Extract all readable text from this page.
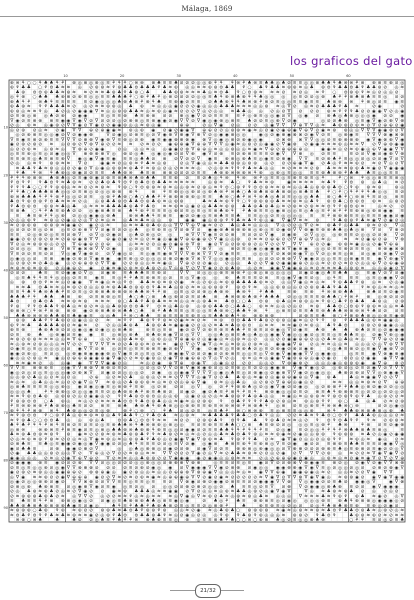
Málaga, 1869
10	20	30	40	50	60
10
20
30
40
50
60
70
80
90
⊛ ⊜ ⚘ ○ ○ ⚘ ♣ ♣ ⚘ ⚘ ⊛ ◎ ⊛ ◎ ⊛ ◎ ≋ ⚘ ⚘ ⚘ ○ ⊜ ⊜ ⊛ ♣ ≋ ≋ ♣ ⊘ ⊘ ⊘ ◎ ◎ ⊛ ⚘ ⚘ ⚘ ⊜ ⚘ ♣ ⊜ ≋ ♣ ♣ ◎ ♣ ⊘ ≋ ≋ ◎ ◎ ⊛ ♣ ♣ ⚘ ♣ ⊜ ⊜ ⚘ ⊛ ⊛ ⊛ ≋ ⊛ ⊘ ◎
⊛ ⚘ ♣ ♣ ○ ⚘ ⊜ ♣ ≋ ≋ ◎ ⊘ ⊛ ⊛ ≋ ⚘ ⊛ ♣ ♣ ⊜ ♣ ♣ ♣ ⚘ ♣ ≋ ⊛ ◎ ◎ ≋ ≋ ⊛ ⊛ ⊜ ♣ ♣ ⚘ ○ ♣ ⚘ ♣ ♣ ≋ ⊛ ⊛ ≋ ◎ ♣ ⊛ ⊜ ⚘ ♣ ♣ ⊜ ♣ ⚘ ♣ ♣ ⊛ ⊘ ◎ ≋
♣ ⊛ ⊜ ⊜ ⊛ ♣ ♣ ≋ ⊛ ≋ ≋ ⊘ ≋ ≋ ♣ ⊛ ♣ ⚘ ♣ ⊛ ○ ♣	♣ ♣ ⊛ ⊛ ≋ ≋ ≋ ♣ ◎ ≋ ⊜ ♣ ⚘ ○ ⊜ ⊛ ≋ ≋ ≋ ⊘ ≋ ⊘ ◎ ≋ ⚘ ○ ⊜ ⊛ ⊛ ⚘ ≋ ◎ ⊘ ◎ ◎ ⊘
◎ ⚘ ⊛ ○ ♣ ♣ ♣ ⊛ ⊛ ⊘ ⊛ ≋ ◎ ◎ ≋ ≋ ♣ ♣ ♣ ⚘ ○ ⊛ ⚘ ♣ ⚘ ◎ ⊛ ⊘ ⊘ ⊘ ⊘ ◎ ◎ ≋ ♣ ⚘ ⊛ ⊛ ♣ ⊛ ⚘ ⚘ ♣ ◎ ◎ ◎ ◎ ≋ ⊘ ⊘ ◎ ⊛ ♣ ⚘ ⚘ ⊛ ♣ ⊛ ♣ ≋ ≋ ◎ ⊘ ⊘
⊛ ♣ ⚘ ⚘ ⊜ ♣ ⚘ ≋ ≋ ≋ ≋ ≋ ⊘ ◉ ◎ ◎ ◎ ♣ ⊛ ♣ ⊛ ⚘ ⊛ ⚘ ♣ ≋ ⊛ ◉ ⊘ ≋ ≋ ⊘ ♣ ♣ ⊛ ⚘ ⚘ ♣ ⊜ ⊛ ⚘ ⊛ ⊘ ≋ ◎ ◎ ≋ ≋ ◉ ≋ ≋ ♣ ⊛ ⊜ ⊜ ⚘ ⊛ ◎ ⊘ ≋ ◉ ≋
⊛ ♣ ⊛ ≋ ⚘ ⚘ ♣ ♣ ♣ ≋ ⊘ ◎ ⊘ ≋ ≋ ⊛ ⊛ ◎ ♣ ⊛ ≋ ◎ ◎ ◎ ◉ ⊘ ⊘ ⊘ ◉ ◎ ◎ ◎ ♣ ♣ ♣ ≋ ≋ ≋ ◎ ◎ ⊛ ≋ ◎ ∇ ⊘ ◎ ≋ ⊘ ♣ ♣ ♣ ⚘ ♣ ≋	⊘ ◉	⊘
⊛ ⊛ ◎ ≋ ≋ ⚘ ◎ ♣ ⊘ ◎ ⊘ ◉ ◉ ◉ ∇ ≋ ◎ ◎ ⊛ ⊛ ♣ ♣ ≋ ◎ ≋ ⊛ ◎ ◉ ≋ ⊘ ⊘ ⊘ ∇ ◎ ⊘ ◎ ◎ ≋ ♣ ♣ ◎ ◎ ⊘ ◎ ⊘ ∇ ⊘ ⊘ ⊘ ⊛ ≋ ⚘ ⚘ ⚘ ♣ ⊘ ⊘ ◉ ◉ ∇ ⊘ ◎ ◉
⊘ ≋ ⊛ ◎ ⊛ ◎ ♣ ⊘ ⊛ ⊘ ◉ ◉	≋ ◎ ≋ ≋ ⊛ ♣ ≋ ⊛ ⊛ ⊘ ⊘ ⊕ ◎ ◉ ∇ ⊘ ⊘ ≋ ≋ ≋ ≋ ⚘ ◎ ⊛ ≋ ◎ ◎ ◉ ⊘ ∇ ◎ ◉ ⊘ ⊛ ♣ ◎ ♣ ⊛ ◎ ◎ ◎ ◉ ⊘ ⊘ ◉
∇ ◉ ⊘ ≋ ⊛ ⊛ ⊛ ≋ ◉ ◉ ∇ ◉ ∇ ⊘ ∇ ⊘ ⊘ ⊘ ◎ ⊘ ⊛ ⊛ ◎ ≋ ⊛ ◉ ◉ ⊘ ◉ ∇ ∇ ⊘ ∇ ◉ ◎ ◉ ⊛ ◎ ⊛ ≋ ♣ ⊘ ⊘ ≋ ◎ ⊕ ∇ ⊘ ◉	◎ ⊘ ⊘ ♣ ⊛ ◎ ≋ ◉ ∇ ◉ ⊘ ⊕ ∇ ⊕
⊘ ◎ ⊛ ≋ ◎ ◉ ⊛ ⊘ ∇ ∇ ◉ ⊘ ∇ ◉ ⊘ ⊘ ◉ ◉ ⊛ ◎ ◎ ≋ ⊛ ◎ ◉	⊕ ⊕	⊘ ◎ ∇ ◉ ⊘ ◎ ⊘ ⊘ ◎ ◉ ∇ ∇ ∇ ⊕ ∇ ∇ ◎ ≋ ♣ ⊛ ⊛ ⊘ ⊛ ≋ ⊘ ∇ ⊘ ⊕ ⊕ ⊘ ◉
◎ ⊘ ⊛ ⊘ ◎ ≋ ⊘ ◉ ∇ ∇ ⊕ ⊘ ⊕ ◉ ◉ ≋ ⊛ ◎ ⊛ ◉ ⊘ ◉ ⊘ ◉ ◉ ∇ ⊕ ⊕ ⊘ ⊘ ◎ ⊛ ⊛ ≋ ◉ ≋ ◎ ⊘ ◉ ⊘ ◉ ⊕ ◉ ∇ ⊕ ∇ ⊘ ◉ ≋ ⊛ ⊛ ◎ ◎ ∇ ∇ ∇ ◉ ◉ ⊗ ⊘ ∇
◎ ⊘ ⊛ ⊛ ≋ ◎ ◎ ◉ ⊘ ∇ ⊘ ◉ ◉ ⊕	∇ ⊘ ◉ ◎ ⊘ ⊛ ≋ ◎ ⊘ ∇ ◉ ⊕ ∇ ⊕ ◉ ∇ ⊕ ∇ ⊘ ◎ ◉ ◉ ⊛ ◎ ◎	◉ ◎ ⊘ ◉ ⊕ ◉ ⊗ ⊗ ⊘ ◉ ∇ ⊘ ≋ ◎ ⊛ ◉ ≋ ∇ ∇ ∇ ⊗ ◉ ⊗ ⊗
∇ ≋ ◉ ≋ ⊛ ⊘ ⊛ ≋ ≋ ∇ ∇ ∇ ⊘ ⊕ ⊕ ∇ ◉ ⊕ ∇ ≋ ⊛ ◎ ⊘ ⊛ ◉ ≋ ◉ ◉ ⊗ ⊕ ⊗ ◉ ⊗ ∇ ◎ ◉ ◎ ⊛ ⊘ ⊛ ◉ ◎ ◉	⊘ ⊗ ⊕ ⊗ ∇ ∇ ◎ ◎ ⊘ ≋ ⊛ ⊛ ⊛ ⊛ ◉ ∇ ◉ ⊗ ⊕ ∇ ◉
◉ ⊘ ⊛ ⊘ ⊛ ⊘ ≋ ◎ ⊘ ⊗ ⊘ ∇ ⊗ ∇ ⊕ ⊘ ⊘ ≋ ≋ ⊘ ≋ ⊘ ⊘ ◉ ⊕ ⊕ ◉ ∇ ⊕ ⊕ ∇ ∇ ∇ ◎ ◉ ≋ ◎ ⊛ ⊘ ◎ ◉ ◉ ⊘ ∇ ◉ ⊗ ⊘ ◉ ◉ ≋ ≋ ≋ ⊛ ◎ ≋ ≋ ∇ ⊘ ∇ ⊕ ⊗ ◉ ◉
◎ ⊘ ⊘ ⊛ ≋ ◎ ⊛ ≋ ◎ ∇ ⊗ ⊕ ⊘ ◉ ◉	⊘ ◎ ◎ ◎ ≋ ◎ ◎ ◉ ◉ ⊘ ⊗ ∇ ⊕ ⊕ ◎ ≋ ◎ ◎ ⊛ ◎ ◎ ≋ ◉ ≋ ∇ ⊕ ⊘ ⊕ ⊕ ⊕ ⊕ ◎	◉ ◉ ≋ ◎ ⊘ ≋ ⊛ ◉ ◎ ⊕ ∇ ◉ ◉ ∇ ∇
◎ ≋ ≋ ⊛ ◎ ≋ ◎ ⊘ ◉ ◎ ◎ ∇ ⊕ ⊕ ⊕ ⊕ ∇ ◎ ⊛ ⊘ ◎ ♣ ◎ ◉ ◎ ◉ ⊘ ⊘ ∇ ⊕ ◉ ∇ ⊘ ⊛ ≋ ⊘ ⊛ ⊛ ≋ ≋ ≋ ⊘ ◉ ∇ ∇ ⊕ ◎ ⊘ ≋ ≋	≋ ⊘ ⊘ ∇ ◉ ⊘ ◉ ⊕ ∇ ⊕
≋ ≋ ⊛ ≋ ◎ ♣ ≋ ⊛ ≋ ⊛ ∇ ◉ ◎ ◉ ∇ ◉ ≋ ◉ ≋ ≋ ◎ ♣ ♣ ⊘ ⊛ ⊘ ∇ ⊘ ⊘ ∇ ◉ ≋ ⊛ ⊛ ◎ ⊛ ♣ ≋ ◎ ◉ ≋ ⊘ ⊕ ◉ ∇ ∇ ≋ ⊘ ⊛ ♣ ⚘ ≋ ◎ ◎ ⊘ ◎ ⊘ ⊘ ◉ ∇ ⊘ ∇
⊘ ◎ ◎ ≋ ⚘ ⊛ ⊛ ≋ ≋ ∇ ⊘	◉ ◉ ≋ ⊘ ◎ ⊛ ≋ ⚘ ♣ ≋ ◎ ⊛	⊘ ◎ ∇ ◉ ◎ ◎ ≋ ♣ ♣ ⊛ ⊛ ◎ ⊛ ⊛ ◎ ⊘ ⊘ ⊘ ⊕ ◉ ∇ ◉ ⊘ ♣ ◎ ⚘ ≋ ≋ ⊛ ⊘ ≋ ⊘ ∇ ◎ ⊘ ∇
≋ ♣ ♣ ⚘ ♣ ≋ ⊛ ◎ ◎ ⊘ ⊘ ◉ ⊘ ∇ ◎ ◉ ◎ ⊛ ⊛ ≋ ⊛ ♣ ⚘ ≋ ⊛ ◎ ⊘ ◎ ⊘ ≋ ≋ ≋ ◎ ⊘ ◎ ⊛ ≋ ⚘ ⚘ ⚘ ♣ ≋ ♣ ◎ ◎ ≋ ⊘ ≋ ≋ ≋ ⊘ ⊛ ♣ ≋ ≋ ≋ ⊛ ⊛ ♣ ≋ ◉ ⊘ ∇ ◉ ◉ ◉
⚘ ♣ ⚘ ⊜ ⚘ ♣ ⊛ ◎ ⊛ ◉ ⊘ ⊘ ≋ ≋ ♣ ♣ ⊛ ⊜ ♣ ≋ ⊛ ⊛ ⊛ ⊘ ⊘ ⊘ ⊘ ≋ ≋ ♣ ⊛ ⊛ ⊜ ⊜ ⊛ ⊜ ⚘ ⊛ ◎ ⊛ ◎ ≋ ◎ ◎ ≋ ≋ ⊛ ♣ ⊛ ⊜ ⚘ ♣ ♣ ♣ ≋ ◎ ◎ ≋ ≋
⚘ ⚘ ⚘ ⊜ ⊛ ⊜ ♣ ⊛ ♣ ◎ ⊘ ≋ ◉ ⊛ ◉ ⊘ ⊛ ≋ ⊛ ♣ ⊜ ♣ ⊜ ♣ ♣ ≋ ≋ ⊛ ⊘ ≋ ⊘ ♣ ◎ ⚘ ⊜ ⚘ ⊜ ⊜ ⚘ ◎ ≋ ≋ ◎ ≋ ⊛ ≋ ⊛ ≋ ◎ ⚘	⚘ ○ ⊜ ⚘ ◎ ◎ ⊛ ≋ ≋ ⊛ ◎
⚘ ⊜ ⚘ ⚘ ⚘ ♣ ⊜ ⚘ ≋ ♣ ⊛ ≋ ⊘ ⊘ ♣ ⊛ ♣ ⚘ ⊜ ⚘ ⊜ ♣ ⊜ ⊜ ♣ ♣ ≋ ≋ ≋ ≋ ≋	◎ ⊛ ≋ ♣ ○ ⚘ ♣ ≋ ≋ ⊛	◉ ≋ ≋ ≋ ≋ ≋ ♣ ⚘ ⚘ ⊜ ⊛ ◎ ♣ ◎ ≋ ⊘
⚘ ⚘ ⚘ ♣ ○ ○ ⚘ ⚘ ⊛ ⊛ ◎ ≋ ≋ ⊘ ⊘ ≋ ⊛ ≋ ⚘ ⊛ ○ ⚘ ⊜ ⊛ ⊛ ≋ ⊛ ≋ ◎ ◎ ⊛ ≋ ⊘ ⊛ ◎ ≋ ⚘ ⊜ ○ ⊛ ⚘ ⚘ ⊜ ⊜ ⊛ ≋ ≋ ⊛ ≋ ◎ ◎ ♣ ◎ ⊛ ⊛ ⊛ ♣ ⊜ ○ ⚘ ⊛ ⊛ ≋ ⊛	⊛ ◎
⚘ ⚘ ♣ ○ ♣ ♣ ♣ ⊛ ♣ ◎ ◎ ⊘ ≋ ⊛ ◎ ⊘ ◎ ◎ ⊛ ⊛ ⊛ ⚘	⊛ ⚘ ≋ ⊛ ◎ ◎ ⊛ ⊘ ◎ ⊛ ♣ ⊜ ⚘ ⊜ ♣ ○ ♣ ⊛ ♣ ⊛ ⊛ ♣ ⊛ ⊛ ◎ ⊛ ♣ ≋ ♣ ⚘ ○ ⚘ ○ ⚘ ⚘ ⚘ ⚘ ♣ ◎ ◎ ≋ ⊘
⊛ ⊜ ♣ ♣ ♣ ⚘ ⚘ ⚘ ⊛ ⚘ ◎ ◎ ⊘ ⊘ ≋ ◎ ⊛ ⚘ ♣ ⊛ ○ ♣ ○ ♣ ♣ ⚘ ⚘ ⊛ ⊛ ⊛ ⊛ ⊛ ◎ ≋ ≋ ♣ ⊜ ○ ♣ ⚘ ⊜ ⚘ ⊜ ♣ ◎ ♣ ⊘ ≋ ◎ ◎ ◎ ♣ ♣ ⊛ ○ ♣ ⚘ ○ ⊜ ⊛ ⚘ ≋ ⊘ ◎ ⊛ ≋
♣ ⊜ ⚘ ⊛ ⊜ ⊛ ⚘ ⊜ ♣ ≋ ≋ ≋ ⊘ ◎ ◎ ⊛ ♣ ♣ ⊛ ⊜ ♣ ♣ ⊜ ⊛ ♣ ⊛ ≋ ◎ ⊛ ⊛	♣ ≋ ♣ ≋ ⊛ ⚘ ⚘ ○ ⚘ ⊛ ⊛ ⊛ ⊛ ♣ ≋ ≋ ⊛ ≋ ◎ ♣ ⚘ ⊛ ⊜ ♣ ○ ⊜ ⊛ ⊜ ⊛ ≋ ◎ ⊛ ⊘
⚘ ♣ ⊜ ⊛ ⊜ ⊛ ⊛ ≋ ♣ ◎ ♣ ◎ ≋ ≋ ≋ ♣ ♣ ♣ ♣ ⊛ ♣ ⚘ ♣ ⊜ ≋ ≋ ⊛ ≋ ◎ ◉ ⊘ ◎ ♣ ♣ ≋ ⊛ ⊛ ♣ ♣ ⊛ ♣ ⊛ ♣ ◎ ≋ ⊘ ⊛ ≋ ⊘ ⊛ ≋ ≋ ⊜ ⚘ ⚘ ⊛ ⊜ ⊛ ≋	◎ ≋ ⊘ ⊘
≋ ⊛ ♣ ○ ⚘ ⚘ ♣ ≋ ⊛ ♣ ⊘ ⊘ ◎ ◉ ⊛ ♣ ≋ ⊛ ♣ ⚘ ⊛ ⚘ ≋ ≋ ≋ ◎ ⊛ ⊘ ≋ ◎ ≋ ◎ ≋ ⊛ ♣ ⊛ ⚘ ⚘ ♣ ⊛ ≋ ≋ ◎ ◉ ⊛ ◎ ◎ ≋ ◎ ♣ ◎ ≋ ⚘ ⊜ ⚘ ⚘ ≋ ⊛ ⊛ ◎ ⊛ ⊛ ◉ ◉ ≋
≋ ♣ ≋ ⊛ ⚘ ⚘ ◎ ⊛ ⊘ ◎ ◎ ◉ ◉ ◎ ⊛ ♣	⊛ ⊜ ♣ ♣ ⚘ ≋ ⊛ ≋ ◉ ⊘ ⊘ ◉ ◎ ≋ ⊛ ♣ ≋ ≋ ♣ ≋ ≋ ◎ ◎ ⊘ ≋ ◎ ◎ ◎ ◎ ≋ ≋ ⚘ ⊛ ⊛ ⊛ ≋ ≋ ◎ ≋ ≋ ≋ ◉ ◉ ⊘ ◉
⊘ ◎ ◎ ⊛ ⚘ ≋ ⊛ ◎ ⊘ ◉ ◎ ⊘ ◎ ∇ ⊘ ≋ ◎ ≋ ◎ ♣ ≋ ♣ ≋ ◎ ◎ ⊛	◉ ◉ ◉ ◎ ⊛ ⊛ ⚘ ⚘ ♣ ≋ ♣ ⚘ ⊛ ◎ ◉ ∇ ◉ ∇ ≋ ≋ ⊛	⚘ ♣ ⊛ ⊛ ⚘ ♣ ≋ ◉ ∇ ⊘ ◉ ⊘ ◎
≋ ⊘ ⊛ ⊛ ⊛ ⊛ ⊛ ⊛ ≋ ◉ ◉ ⊘ ◉ ⊘ ◎ ≋	◎ ≋ ≋ ♣ ⊛ ♣ ⊛ ◎ ◎ ∇ ∇ ∇ ⊕ ∇ ◉ ≋ ⊘ ⊘ ♣ ◎ ♣ ≋ ◎ ◎ ◎ ∇ ◎ ⊘ ⊘ ◎ ∇ ⊘ ≋ ⊛ ♣ ⚘ ◎ ♣ ♣ ⊛ ≋ ⊘ ⊘ ∇ ◎
◎ ⊘ ⊘ ⊘ ≋ ◎ ⊘ ⊛ ◎ ≋ ⊘ ⊕ ⊕ ∇ ∇ ⊘ ◉ ≋ ⊘ ⊘ ◎ ♣ ◎ ≋ ⊛ ≋ ◎ ∇ ⊘ ⊕ ∇ ⊘ ◉ ◉ ⊛ ♣ ⊛ ⊛ ⊛ ⊛ ◎ ⊛ ◎ ≋ ⊘ ◉ ⊕ ∇ ∇ ⊕ ◉ ≋ ⊛ ⊛ ♣ ♣ ◎ ♣ ◎ ⊛ ∇ ⊘ ∇ ⊕ ⊘
≋ ≋ ⊘ ◎ ⊛ ⊘ ◎ ≋ ≋ ⊘ ⊕ ∇ ⊘ ∇ ◎ ⊘ ◉ ⊘ ◎ ♣ ⊘ ⊛ ◎ ⊘ ◎	⊕ ∇ ∇ ∇ ◉ ≋ ⊘ ⊘ ⊛ ≋ ⊘ ⊘ ⊘ ∇ ◉ ⊘ ◉ ⊕ ⊘ ∇ ◎ ◎ ◎ ⊛ ≋ ≋ ⊘ ◎ ◎ ⊘ ⊘ ⊗ ∇ ⊘
◉ ◉ ⊘ ⊛ ⊘ ⊛ ⊘ ⊛ ≋ ⊘ ⊕ ⊕ ◉ ⊗ ∇ ∇ ⊕ ◉ ⊘ ◉ ⊘ ≋ ◎ ⊘ ≋ ◉ ◎ ◉ ◉ ∇ ⊕ ⊕ ◉ ⊕ ⊘ ∇ ◉ ◎ ◎ ⊛ ⊘ ≋ ≋ ⊘ ⊕ ⊕ ⊘ ⊘ ∇ ⊕ ⊕ ∇ ◎ ≋ ◎	≋ ≋ ⊘ ◉ ⊕ ⊘ ⊕ ∇ ⊗
∇ ⊘ ◎ ≋ ⊛ ⊛ ⊛ ◎ ⊘ ⊘ ∇ ⊕ ◉ ⊕ ⊘ ⊘ ⊕ ◎ ◎ ≋ ≋ ⊘ ⊘ ◎ ◉ ⊘ ◉ ⊕ ⊗ ∇ ⊗ ◉ ⊘ ∇ ◎ ⊘ ⊛ ⊛ ⊛ ⊘ ◎ ∇ ⊘ ⊘ ∇ ∇ ∇ ⊕ ⊘ ⊘ ◉ ⊛ ⊛ ≋ ◉ ◎ ◎ ⊘ ◉ ∇ ⊕ ⊕
⊘ ⊘ ◎ ◎ ≋ ◉ ⊘ ∇ ⊕ ∇ ◉ ⊗ ⊗ ∇ ∇ ⊘ ◉	◎ ⊘ ◎ ≋ ≋ ∇ ∇ ◉ ∇ ∇ ⊕ ∇ ◎ ⊛ ⊘ ≋ ◎ ◉ ◎ ◉ ◉ ◉ ⊗ ∇ ◉ ⊕ ◉ ◎ ◎ ⊘ ≋ ≋ ⊛ ⊘ ≋ ≋ ◎ ⊕ ⊕ ◉ ⊗ ⊗
∇ ≋ ⊘ ⊘ ≋ ≋ ⊘ ⊘ ∇ ◎ ◉ ∇ ◉ ⊕ ⊘ ⊘ ∇ ◉ ◎ ⊘ ≋ ◎ ◉ ≋ ◉ ⊕ ∇ ∇ ∇ ⊕ ⊗ ∇ ∇ ∇ ⊘ ◉ ≋ ≋	◎ ◎ ◎ ∇ ⊘ ⊗ ⊗ ⊗ ◉ ∇ ◎ ∇ ⊘ ◎ ⊛ ≋ ◎ ⊛ ⊘ ◎ ◉ ⊘ ⊗ ◉ ∇ ⊘
◎ ◉ ◎ ◎ ⊘ ≋ ⊛ ◉ ◉ ⊘ ⊗ ⊘ ∇ ◉ ⊕ ◉ ◉ ≋ ⊛ ◎ ⊘ ◎ ◎ ◎ ⊘ ⊕ ⊘ ◉ ⊗ ∇ ⊗ ∇ ∇ ◎ ◎ ◉ ◎ ⊘ ≋ ⊛ ◎ ⊘ ⊘ ⊘ ⊕ ⊗ ∇ ∇ ◉ ◉ ⊘ ◎ ◎ ≋ ≋ ◎ ⊛ ◉ ≋ ≋ ◉ ∇ ⊕ ◉ ∇
◎ ⊘ ⊛ ⊘ ≋ ⊘ ♣ ◎ ◉ ◎ ⊘ ⊕ ⊕ ⊗ ⊘ ∇ ∇ ◉ ⊘ ⊘ ⊛ ◎ ◎ ≋ ≋ ◉ ◎ ∇ ⊕ ⊘ ⊘ ⊘ ◉ ◎ ⊘ ◎ ◎ ♣ ⊘ ⊘ ∇ ◉ ⊘ ◉ ◉ ◉ ⊕ ⊘ ◎ ◎ ≋ ⊘ ⊘ ⊘ ≋ ⊘ ⊘ ◎ ◎ ⊕ ∇ ⊘ ⊕ ◉ ⊕
≋ ⊛ ≋ ⊛ ≋ ⊛ ⊛ ⊘ ◎ ◉ ⊕ ⊘ ◉ ⊘ ◉ ≋ ◉ ⊘ ⊛ ≋ ⊛ ♣ ⊛ ⊘ ◎ ∇ ◎ ⊕ ∇ ⊘ ∇ ∇ ◉ ⊘ ⊘ ⊛ ♣ ⊛ ◎ ⊘ ≋ ◉ ◉ ∇ ◉ ◉ ⊕ ◎ ≋ ⊘ ≋ ≋ ≋ ♣ ◎ ⊛ ⊛ ≋ ◎ ◎ ⊕ ◉ ⊘ ∇
⊘ ⊘ ⊘	♣ ≋ ≋ ⊘ ◉ ◉ ⊘ ∇ ◎ ⊘ ◉ ⊛ ≋ ♣ ♣ ♣ ≋ ≋ ⊛ ⊘	∇ ∇ ⊘ ◎ ◎ ◎ ⊛ ≋ ⊛ ⊛ ⚘ ◎ ⊛ ◎ ⊛ ◎ ◎ ◎ ◎ ⊘ ◉ ⊘ ◉ ◎ ♣ ≋ ♣ ♣ ◎ ≋ ◉ ∇ ⊘ ∇ ⊘ ◉
◎ ≋ ♣ ⚘ ⚘ ≋ ⚘ ◎ ◎ ◎ ⊘ ≋ ≋ ◉ ≋ ≋ ◎ ⚘ ⚘ ♣ ≋ ⊛ ⊛ ≋ ◎ ⊘ ≋ ◎ ∇ ◉ ◎ ◎ ⊛ ♣ ≋ ≋ ≋ ⊘ ⊛ ≋ ◎ ◉ ∇ ◉ ≋ ⊘ ◎ ◎ ⚘ ≋ ≋ ≋ ◎ ≋ ◎ ◉ ◉ ∇ ⊘
◎ ⊛ ⊜ ⊜ ⚘ ≋ ≋ ◎ ⊘ ◉ ◉ ∇ ≋ ◉ ◎ ≋ ◎ ⚘ ⊜ ♣ ♣ ≋ ⊛ ≋ ⊛ ⊘ ◉ ≋ ◎ ⊘ ⊛ ◎ ≋ ⊛ ⊛ ♣ ♣ ♣ ♣ ⊛ ≋ ⊘ ◎ ◎ ∇ ◉ ◎ ≋ ◎ ≋ ⚘ ⊛ ♣ ♣ ⚘ ⊛ ◎ ≋ ⊘ ◎ ◉
≋ ≋ ♣ ⊜ ♣ ≋ ≋ ◎ ≋ ⊛ ⊘ ⊘ ◎ ◎ ⊛ ≋ ⊛ ♣ ♣ ⊜ ⊛ ⊛ ⊜ ⚘ ♣ ≋ ♣ ◎ ⊛ ⊘ ≋ ≋ ◎ ⊛ ⊛ ⊛ ⚘ ⊛ ⊜ ⚘ ≋ ◎ ◎ ⊛ ⊛ ◎ ◎ ⊘ ⊘ ⊛ ⊛ ♣ ♣ ⚘ ♣ ♣	⚘ ≋ ⊛ ◎ ≋ ≋ ◎ ≋
≋ ≋ ⚘ ♣ ⚘ ♣ ⊜ ♣ ♣ ⚘ ≋ ⊘ ≋ ◎ ⊘ ⊛ ⊛ ♣ ⊛ ⊛ ⊛ ⊜ ♣ ♣ ⊜ ⚘ ⚘ ⊛ ◎ ≋ ◎ ⊘ ⊘ ⊛ ◎ ♣ ⊛ ⊜ ♣ ⊜ ⚘ ⚘ ♣ ♣	≋ ⊛ ≋ ⊛ ⚘ ⊜ ⊛ ⊛ ♣ ♣	⊛ ♣ ⊘ ≋ ⊘ ◉ ≋
♣ ♣ ♣ ⚘ ⚘ ♣ ♣ ♣ ⊛ ⊛ ⊘ ≋ ⊛ ⊛ ◎ ≋ ♣ ○ ♣ ○ ⊛ ♣ ◎ ⊛ ⊘ ⊘ ≋ ⊘ ♣ ⊛ ♣ ⊜ ⊛ ⊛ ♣ ⊛ ⚘ ♣ ♣ ♣ ⊘ ◎ ◎ ≋ ≋ ≋ ⊛ ♣ ♣ ○ ⚘ ⊜ ⚘ ⊛ ◎ ⊛ ⊘ ⊘ ⊘
♣ ⊜	⊜ ♣ ⊜ ♣ ≋ ≋ ⊛ ≋ ⊛ ≋ ≋ ≋ ⊛ ○ ♣ ♣ ⚘ ♣ ⊛ ♣ ≋ ≋ ≋ ◎ ◎ ≋ ◎ ⊛ ♣ ≋ ♣ ⊜ ○ ○ ♣ ⊜ ⊛ ⊛ ♣ ◎ ≋ ⊛ ⊛ ◎ ≋ ⚘ ⊛ ○ ♣ ⚘ ⊜ ♣ ♣ ♣ ⊛ ◎ ⊘ ⊛
⚘ ⊛ ⚘ ⚘ ⊜ ♣ ♣ ⚘ ⊛ ♣ ◎ ≋ ⊛ ⊘ ≋ ◎ ◎ ♣ ⊛ ⊛ ⊜ ⊜ ♣ ⚘ ⊜ ≋ ◎ ♣ ◎ ⊛ ◎ ⊛ ⊛ ♣ ♣ ⊜ ○ ♣ ♣ ○ ⊛ ≋ ≋ ◎ ◎ ⊘ ◎ ⊘ ≋ ⊛ ♣ ♣ ⊜ ○ ⊜ ⊛ ⚘ ⊛ ⊛ ≋ ◎ ◎ ≋ ♣
⊛ ⊛ ⊜ ○ ⚘ ⊜ ⚘ ⊛ ⊛ ⊛ ⊛ ◉ ⊘ ⊛ ⊛ ♣ ⊛ ⊜ ♣ ♣ ○ ♣ ⊛ ⚘ ♣ ♣ ≋ ≋ ◎ ≋ ◎ ◎ ≋ ♣ ⊛ ⊜ ○ ♣ ♣ ⚘ ⊜ ⚘ ◎ ⊛ ≋ ⊘ ≋ ≋ ♣ ≋ ⊜ ♣ ♣ ♣ ⊜ ⊛ ⊜ ⊜ ⚘ ♣ ⊘ ⊘ ⊘ ≋
♣ ♣ ⊜ ⊜ ⊜ ⊜ ♣ ♣ ⊛ ≋ ♣ ◉ ◉ ≋ ◎ ◎ ♣ ⚘ ⊜ ○ ♣ ♣ ≋ ⊛ ≋ ≋ ⊛ ≋ ⊛ ≋ ◎ ≋ ♣ ♣ ⊛ ♣ ⚘ ⊜ ⊛ ⊛ ⊛ ⊛	⊘ ⊛ ≋ ≋ ♣ ⊛ ○ ⚘ ⊛ ⊛ ♣ ⊛ ◎ ◎ ⊛ ≋ ◉ ⊛
⊛ ⊛ ♣ ♣ ⚘ ⚘ ♣ ⊛ ⊘ ◎ ◉ ◎ ◎ ⊘ ≋ ≋ ⚘ ⚘ ♣ ⊛ ⚘ ⚘ ⊛ ≋ ⊘ ◉ ≋ ≋ ⊘ ≋ ≋ ⊛ ⊜ ⊜ ♣ ♣ ⚘ ♣ ⊛ ⊘ ⊛ ⊛ ◎ ◉ ≋ ◎ ⊘ ⚘ ⚘ ⊛ ⚘ ♣ ♣ ♣ ◎ ⊛ ≋ ◉ ◉ ◎
⊛ ⚘ ≋ ♣ ♣ ♣ ♣ ♣ ⊛ ⊘ ≋ ◉ ≋ ⊘ ⊘ ◎ ◎ ♣ ⊛ ♣ ♣ ⊛ ⊛ ♣ ≋ ◉ ◉ ◉ ⊘ ⊘ ◎ ⊘ ≋ ♣ ≋ ♣ ⊛ ⊛ ⊜ ◎ ≋ ≋ ≋ ≋ ◉ ⊘ ≋ ⊛ ◎ ♣ ⚘ ♣ ⊜	⊛ ⊛ ⊘ ⊛ ◉ ◉ ◎ ◎
⊛ ≋ ⊛	♣ ⊛ ♣ ⊛ ⊘ ⊘ ◎ ◉ ◎ ◉ ⊘ ◉ ◎ ◎ ⊛ ♣ ⊛	⊛ ≋ ◎ ≋ ⊛ ◉ ⊘ ⊘ ∇ ⊘ ⊛ ≋ ⊛ ≋ ♣ ♣ ⚘ ≋ ⊛ ≋ ⊘ ⊛ ◉ ◎ ∇ ⊘ ◉ ≋ ♣ ⊛ ♣ ♣ ⊛ ♣ ⊘ ≋ ◎ ⊘ ◉ ◉ ◉
⊘ ≋ ⊛ ♣ ◎ ⊛ ◉ ⊘ ≋ ◉ ◉ ≋ ◎ ⊛ ◎ ⊛ ♣ ⊛ ♣ ⊛ ⊛ ◉ ∇ ⊘ ◎ ∇ ∇ ◎ ◎ ♣ ◎ ⊛ ≋ ♣ ◎ ♣ ◎ ◎ ◉ ◉ ∇ ◉ ◎ ◎ ◉ ⊘ ◎ ≋ ≋ ◎ ≋ ♣ ♣ ≋ ◎ ⊘ ◉ ∇ ⊕ ◎ ◉
≋ ⊛ ⊘ ⊛ ⊛ ≋ ≋ ≋ ◎ ◎ ≋ ∇ ⊕ ⊕	◎ ⊘ ≋ ◎ ⊛ ♣ ≋ ⊛ ◎ ⊛ ◎ ◎ ∇ ⊕ ◉ ⊕ ⊘ ◎ ◉ ◉ ◎ ≋ ◎ ⊛ ≋ ◎ ⊘ ◎ ◎ ⊘ ⊘ ◉ ◉ ⊕ ⊕ ⊘ ◎ ⊘ ♣ ≋ ◎ ♣ ◎ ≋ ◎ ∇ ∇ ⊕ ⊘ ⊘ ◉
≋ ◎ ⊛ ≋ ⊘ ⊛ ◎ ◎ ◎ ≋ ∇ ⊘ ⊘ ∇ ∇ ∇ ∇ ≋ ⊘ ⊘ ♣ ⊛ ⊛ ≋ ⊘ ≋ ≋ ◉ ⊘ ∇ ⊘ ∇ ◉ ∇ ◎ ≋ ◎ ≋ ⊛ ◎ ⊘ ⊛ ≋ ◎ ◉ ◉ ◉ ∇ ⊕ ⊘ ◎ ≋ ≋ ◎ ◎ ≋ ◎ ◎ ◎ ⊘ ◎ ∇ ⊗ ∇ ∇
⊘ ◉ ≋ ◎ ≋ ◎ ◎ ◎ ◎ ◎ ⊘ ◉ ∇ ∇ ⊘ ⊕ ◎ ⊘ ≋ ◎ ≋ ≋ ⊛ ⊛ ≋ ◉ ⊘ ⊕ ∇ ∇ ◉ ⊘ ◉ ≋ ◎ ≋ ⊛ ⊛ ♣ ⊘ ◎ ≋ ⊘ ⊕ ◉ ⊘ ⊗ ⊘ ◉ ⊕	⊘ ◎ ♣ ≋ ⊛ ⊘ ◎ ≋ ◉ ∇ ◉ ⊗ ∇ ⊘
◉ ◉ ⊘ ⊛ ◎ ≋ ⊘ ◎ ◎ ⊕ ◉ ⊕ ◉ ◉ ◉ ⊕ ◎ ∇ ◉ ≋ ⊘ ◎ ≋ ◎ ⊘ ⊕ ◉ ◉ ∇ ⊘ ⊘ ⊘ ◉ ⊘ ⊘ ⊛ ⊛ ≋ ◎ ◎ ≋ ◎ ∇ ⊕ ◉ ∇ ◉ ◉ ◉ ∇ ∇ ◎ ◉ ◉ ◎	◎ ≋ ≋ ◉ ∇ ⊗ ◉ ⊕ ◉
◉ ◎ ◎ ⊘ ⊛ ◎ ≋ ◉ ◎ ⊘ ⊕ ⊕ ⊕ ◉ ◉ ⊕ ◉ ∇ ◉ ⊘ ⊘ ≋ ⊛ ◉ ⊛ ◎ ⊘ ◉ ∇ ⊗ ◉ ⊕ ⊕ ⊘ ∇ ◎ ∇ ⊘ ◎ ⊛ ≋ ◎ ≋ ◎ ◉ ◉ ∇ ◉ ⊗ ⊕ ⊕ ◎ ◉ ⊘ ◉ ⊘ ⊛ ⊘ ◎ ⊘ ◉ ◉ ◉ ∇ ∇ ◉
≋ ≋ ◉ ≋ ⊘ ◎ ◎ ◉ ◉ ∇ ∇ ∇ ◉ ◉ ⊘ ◎	≋ ◎ ⊘ ◉ ⊕ ∇ ⊕ ⊗ ◉ ∇ ◎ ◉ ◎ ⊘ ⊘ ⊘ ◎ ◎ ⊘ ∇ ⊗ ◉ ⊗ ⊘ ◎ ◎ ◎ ◉ ◎ ⊛ ⊛ ⊛ ◉ ◉ ∇ ⊕ ⊗ ⊘
∇ ∇ ≋ ⊛ ⊛ ⊛ ≋ ◎ ◉ ∇ ∇ ⊕ ⊗ ∇ ⊕ ⊕ ⊘ ≋ ⊘	◎ ⊘ ◎ ⊘ ∇ ∇ ⊘ ⊕ ∇ ◉ ⊗ ◉ ⊕ ⊘ ◎ ⊘ ≋ ⊛ ◎ ≋ ⊘ ⊘ ◎ ◉ ◉ ⊕ ∇ ◉ ∇ ◉ ◎ ⊘ ◎ ⊛ ⊘ ◎ ⊘ ≋ ⊘ ◉ ∇ ⊘ ∇ ∇ ∇
◉ ◎ ⊘ ◎ ⊘ ◎ ≋ ◎ ◎ ◎ ◉ ⊘ ⊕ ⊗ ∇ ⊘ ◉ ⊘ ⊘ ◎ ◎ ◎ ⊘ ⊘ ◉ ◎ ◎ ◉ ◉ ∇ ∇ ∇ ∇ ◎ ◉ ◎ ♣ ≋ ◎ ⊘ ⊛ ◉ ◎ ⊘ ◉ ⊕ ∇ ∇ ◉ ⊘ ◎ ◉ ◎ ◎ ♣ ⊛ ⊘ ⊛ ⊘ ∇ ∇ ◎ ⊗ ◉ ◉ ∇
◎ ◎ ⊛ ⊘ ♣ ◎ ◎ ⊘ ≋ ◎ ⊘ ◎	⊘ ⊕ ◎ ⊘ ≋ ⊘ ♣ ◎ ⊛ ◎ ⊘ ≋ ≋ ⊘ ∇ ∇ ∇ ◎ ◉ ∇ ⊘ ⊘ ♣ ♣ ⊛ ◎ ≋ ◉ ⊘ ◎ ◉ ⊕ ⊕ ◉ ⊕ ◎ ∇ ◉ ⊛ ♣	♣ ◎ ≋ ◉ ◉ ∇ ⊘ ⊘ ∇
≋ ◎ ≋ ◎ ♣ ◎ ◎ ≋ ◎ ⊘ ⊘ ◉ ∇ ◎ ∇ ≋ ⊛ ◎ ⊘ ♣ ⊛ ⊛ ⊛ ≋ ◎ ≋ ⊘ ⊘ ◎ ⊕ ⊕ ∇ ◉ ⊛ ≋ ◎ ◎ ♣ ◎ ◎ ⊘ ⊛ ⊘ ∇ ⊕ ⊕ ◎ ◉ ◎ ⊘	≋ ≋ ◎ ◎ ≋ ⊛ ≋ ⊘ ∇ ⊕ ⊕
◎ ⊛ ♣ ≋ ≋ ≋ ≋ ◎ ◎ ⊛ ◎ ◉ ⊘ ◉ ◎ ◉ ≋ ◎ ⊛ ⊛ ⚘ ≋ ⊛ ◎ ⊘ ⊛ ⊘ ⊘ ◎ ∇ ◎ ⊘ ⚘ ⚘ ⊛ ⊛ ♣ ◎ ⊘ ◎ ◉ ∇ ◉ ⊘ ⊘ ◉ ◎ ◎ ⊘ ⊛ ⊛ ⚘ ⚘ ♣ ♣ ◎ ⊛ ⊘ ◉ ⊘ ⊘ ◎ ◎
◎ ◎ ◎ ♣	⚘ ⚘ ⊛ ⊛ ◎ ⊘ ◎ ◎ ◉ ≋ ≋ ⊘ ◎ ♣ ⊛ ⊛ ♣ ⚘ ⊛ ≋ ♣ ⊛ ⊘ ⊘ ◉ ⊘ ◉ ⊘ ♣ ≋ ⚘ ⊛ ⚘ ⚘ ≋ ⚘ ⊛ ⊛ ◉ ◎ ◎ ⊘ ≋ ⊘ ⊛ ≋ ♣ ⚘ ⊛ ⊛ ⊛ ≋ ◎ ⊘ ⊘ ◎ ⊘ ⊘ ◎ ⊘
≋ ≋ ⚘ ⊛ ⊜ ♣ ⊛ ◎ ⊛ ⊛ ⊘ ◎ ⊘ ◉ ◉ ◎ ⊘ ⚘ ⚘ ♣ ⊛ ⊜ ⊛ ⊜ ◎ ◎ ◎ ⊛ ◎ ◉ ⊘ ◎ ⊘ ◎ ≋ ♣ ⊛ ⊛ ⚘ ♣ ⊛ ♣ ◎ ◎ ≋ ◉ ◎ ≋ ◎ ⊛ ⊛ ≋ ⚘ ⊛ ⊜ ⊛ ⚘ ⊛ ⚘ ♣ ◎ ⊛ ⊘ ⊘ ≋
⚘ ⊛ ⊛ ⊜ ⊜ ○ ♣ ⊛ ◎ ≋ ◎ ⊘ ⊘ ≋ ≋ ≋ ♣ ⊜ ⊜ ⚘ ♣ ⊜ ⊛ ♣ ◎ ◎ ≋ ◉ ≋ ◎ ⊘ ⊛ ⊛ ⚘ ⊜ ♣ ⚘ ⚘ ⚘ ⚘ ♣ ⊛ ⊘ ⊛ ◎ ≋ ⊛ ◎ ⊛ ⚘ ⚘ ⊛ ○ ♣ ◎ ♣ ⊘ ≋ ⊘ ⊛
⚘ ≋ ⊜ ⊛ ⊜ ⊛ ⚘ ♣ ⊛ ⊛ ◎ ♣ ≋ ⊘ ⊘ ⊛ ≋ ⊛ ♣ ♣ ⊜ ♣ ⚘ ⊛ ♣ ⊛ ◎ ◎ ⊛ ⊛ ≋ ≋ ⊛ ≋ ⊜ ⊜ ⊜ ⊛ ⚘ ⊜ ⊛ ♣ ⚘ ◎ ⊛ ⊘ ≋ ◎ ⊛ ≋ ⚘ ⊜ ⊜ ♣ ⊜ ○ ⊜	⊘ ⊘ ◎ ◉ ◎
⊛ ⚘ ⚘ ⚘ ⊜ ⊛ ⊜ ⚘ ♣ ⊛ ◎ ◎ ⊘ ≋ ◎ ⊛	⊛ ⚘ ○ ⊜ ○ ⚘ ♣ ⊘ ◎ ⊘ ≋ ◎ ≋ ♣ ⚘ ⊜ ○ ⊜ ⊜ ⊛ ≋ ◎ ⊛ ≋ ≋ ◎ ◎ ⊛	⊜ ⚘ ♣ ♣ ⊛ ⊜ ⊛ ♣ ⊛ ◎ ⊛ ♣
≋ ⚘ ⊛ ⊜ ⊜ ⚘ ○ ⊛ ⚘ ♣ ◎ ⊛ ≋ ⊛ ≋ ⊛ ◎ ♣ ⚘ ♣ ♣ ⚘ ○ ⚘ ♣ ⊜ ♣ ≋ ◎ ⊛ ≋ ≋ ♣ ♣ ♣ ♣ ⚘ ♣ ♣ ○ ⊜ ♣ ⚘ ◎ ◎ ⊘ ⊘ ≋ ♣ ≋ ⚘ ♣ ⊜ ○ ⊜ ⚘ ♣ ♣ ♣ ⊛ ◎ ◎ ◎ ⊘ ≋
≋ ⚘ ⊛ ♣ ○ ○ ⊜ ⊜ ♣ ◎ ◎ ⊛ ◎ ♣	⊜ ⊛ ♣ ○ ⊜ ⊜ ⚘ ≋ ≋ ≋ ⊘ ⊘ ⊘ ⊛ ⊛ ♣ ⚘ ⊜ ⚘ ♣ ♣ ⚘ ⊛ ♣ ⊘ ≋ ≋ ◎ ⊘ ⚘ ⊜ ⚘ ⊜ ♣ ⚘ ⚘ ⚘ ≋ ⊘ ⊛ ⊛ ≋
♣ ⚘ ♣ ⚘ ⚘ ⚘ ⚘ ⊜ ⚘ ≋ ⊛ ⊘ ≋ ⊘ ≋ ⊘ ◎ ≋ ⊛ ♣ ♣ ⊜ ⚘ ♣ ⊜ ⊛ ⊛ ◎ ⊛ ◎ ◎ ≋ ⊘ ≋ ⊛ ≋ ≋ ♣ ♣ ○ ○ ⊛ ♣ ≋ ⊛ ⊘ ⊘ ◎ ◎ ◎ ≋ ◎ ⊛ ⚘ ♣ ⊜	⚘ ⊛ ⊘ ≋ ⊘ ◉ ⊛
◎ ⊛ ⊜	⊜ ⊛ ⊜ ≋ ⚘ ⊛ ≋ ◉ ⊘ ≋ ◎ ⊛ ◎ ♣ ♣ ⊛ ⊜ ♣ ⊛ ⊛ ⚘ ⊛ ≋ ◎ ◎ ⊘ ◉ ◉ ⊘ ⊘ ≋ ≋ ♣ ♣ ⚘ ⚘ ⚘ ⚘ ⚘ ⚘ ≋ ⊘ ◎ ◉ ≋ ⊘ ◎ ◎ ⚘ ⚘ ⚘ ⚘ ⊜ ♣ ♣ ⊛ ♣ ≋ ⊛ ◎	≋
♣ ≋ ⊛ ♣ ⊜ ⊛ ≋ ⊛ ⚘ ⊛ ◉ ≋ ⊘ ⊘ ⊛ ≋ ⊛ ≋ ♣ ⊛ ⊛ ♣ ⚘ ⚘ ≋ ♣ ⊛ ⊘ ≋ ◎ ≋ ◎ ⊘ ◎ ◎ ♣ ≋ ♣ ⊜ ♣ ⚘ ⊛ ◎ ≋ ≋ ⊛ ◉ ≋ ⊘ ◉ ◎ ◎ ⊛ ⊛ ⚘ ⊛ ⊛ ⊛ ≋ ♣ ⊘ ◎ ◉ ⊘ ◉ ◉
⊘ ◎ ≋ ⊛ ≋ ⊛ ⚘ ⊛ ≋ ⊘ ⊘ ◎ ≋ ◎ ∇ ◉ ≋ ⊛ ◎ ≋ ◎ ⊛ ⊛ ♣ ⚘ ♣ ⊛ ◎ ⊘ ◉ ◉ ∇ ◉ ∇ ⊛ ⊛ ≋ ♣ ⚘ ⊛ ⚘ ⚘ ♣ ⊘ ≋ ◉ ∇ ◉ ⊘ ◎ ◎ ⊘ ◎ ⊛ ⚘ ⚘ ≋ ⊛ ◎ ≋ ◉ ◎ ⊘ ≋
⊘ ⊛ ♣ ≋ ≋ ♣ ◎ ≋ ◉ ◉ ⊘ ◉ ◎ ◉ ∇ ◉ ◉ ⊘ ⊘ ◎ ♣ ⚘ ≋ ≋ ≋ ⊘ ⊘ ◎ ≋ ∇ ⊘ ◉ ◎ ◉ ⊛ ♣ ⊛ ≋ ⊛ ⚘ ≋ ⊛ ⊛ ◎ ∇ ≋ ⊘ ◉ ◉ ⊘ ⊘ ≋ ⊛ ⊛ ≋ ♣ ♣ ≋ ≋ ≋ ⊘ ◉ ◉ ∇ ◎
◉ ⊘ ♣ ♣ ≋	⊘ ⊛ ◉ ◉ ⊘ ⊕ ⊘ ∇	◎ ◎ ♣ ◎ ⊛ ⊛ ◎ ⊘ ◉ ⊘ ⊘ ⊕ ⊘ ◉ ∇ ⊘ ⊘ ≋ ⊛ ⊛ ⊛ ◎ ⊛ ◉ ◎ ◎ ⊘ ∇ ⊕ ⊕ ⊘ ⊘ ⊘ ⊛ ⊛ ≋ ♣ ◎ ≋ ⊛ ⊛ ⊘ ≋ ◉ ⊘ ⊘ ◎ ∇
⊘ ◉ ♣ ♣ ◎ ◎ ⊛ ⊘ ◎ ◎ ∇ ⊘ ∇ ⊕ ◎ ⊘ ∇ ⊘ ⊘ ≋ ⊛ ◎ ≋ ≋ ∇ ∇ ⊘ ⊘ ⊘ ∇ ◉ ⊘ ◎ ∇ ≋ ⊘ ♣ ♣ ≋ ⊛ ≋ ⊘ ⊘ ◎ ⊘ ◉ ⊘ ∇ ∇ ∇ ⊘ ⊛ ◎ ≋ ⊘ ⊘ ≋ ∇ ◉ ∇ ◉ ∇ ⊘
◉ ◉ ◎ ◎ ◎ ⊘ ≋ ◎ ⊘ ◉ ∇ ⊕ ∇ ⊕ ⊘ ∇ ⊘ ≋ ≋ ◎ ◎ ♣ ⊛ ⊛ ⊘ ⊘ ∇ ◉ ◉ ◉ ◉ ⊘ ◉ ◉ ◎ ◎ ⊛ ≋ ≋ ≋ ⊘ ◎ ⊘ ⊕ ⊕ ⊕ ◉ ⊘ ◉ ◎ ◎ ⊛ ≋ ◎ ≋ ⊘ ◉ ≋ ◉ ∇ ⊘ ∇ ⊘ ∇ ⊕
⊘ ◉ ◉ ◉ ⊛ ≋ ◉ ⊘ ⊘ ⊘ ⊗ ∇ ∇ ⊘ ◎ ◎ ⊘ ⊘ ⊘ ◎ ◎ ⊛ ◎ ◎ ⊘ ⊕ ⊕ ⊕ ∇ ⊗ ⊕	◎ ≋ ≋ ⊘ ≋ ◎ ≋ ◉ ⊘ ∇ ⊘ ⊘ ⊕ ⊗ ∇ ⊕ ◉ ◉ ≋ ⊛ ⊘ ◎ ⊘ ◉ ∇ ⊘ ◉ ∇ ∇ ⊗ ⊕
⊘ ≋ ◎ ≋ ◎ ◎ ⊛ ⊘ ◎ ◉ ∇ ∇ ⊗ ⊕ ⊗ ⊘ ⊘ ⊘ ⊘ ≋ ⊘ ⊛ ⊘ ◉ ◎ ◉ ⊘ ∇ ◉ ◉ ◉ ∇ ∇ ◉ ⊘ ⊛ ⊛ ⊘ ◉ ◎ ◎ ◉ ◉ ⊕ ⊕ ◉ ∇ ◉ ∇ ≋ ◎ ⊘ ◎ ◎ ⊘ ◎ ⊘ ⊘ ⊕ ⊘ ⊗ ◉ ∇
◉ ⊘ ⊛ ⊘ ≋ ⊛ ◎ ◎ ◉ ◉ ⊕ ⊕ ⊘ ⊗ ⊗ ⊕ ◉ ◎ ◉ ⊘ ⊛ ◎ ◎ ≋ ◎ ◎ ⊘ ⊕ ⊕ ⊗ ∇ ⊗ ⊕ ◉ ∇ ◎ ◎ ◎ ≋ ◎ ≋ ◉ ∇ ∇ ⊕ ◉ ◉ ◉ ⊕ ◉ ◎ ≋ ⊘ ◎ ◎ ≋ ⊘ ⊘ ∇ ◉ ∇ ∇
◎ ∇ ◉ ≋ ≋ ⊛ ⊘ ⊘ ◉ ∇ ⊕ ⊕ ⊕ ◉ ⊘ ⊘ ∇ ≋ ⊘ ≋ ⊘ ⊛ ≋ ◉ ≋ ◎ ⊕ ⊕ ◉ ⊕ ∇ ∇ ⊘ ◉ ⊘ ◉ ≋ ⊘ ⊘ ⊘ ⊘ ⊘ ≋ ∇ ◉ ∇ ⊘ ∇ ∇ ⊗ ∇ ◉ ∇ ◉ ◎ ≋ ⊛ ⊛ ◉ ⊘ ◉ ∇ ◉ ∇ ◉ ◉
◎ ◉ ⊘ ◎ ◎ ⊛ ⊛ ⊘ ◉ ⊘ ∇ ∇ ⊗ ⊕ ⊘ ⊘ ∇ ∇ ≋ ≋ ◎ ≋ ≋ ◎ ≋ ≋ ⊘ ∇ ⊗ ◉ ⊘ ⊕ ⊘ ◉ ◉ ⊘ ⊛ ≋ ≋ ⊘ ⊘ ◉ ◉ ◉ ∇ ∇ ⊗ ∇ ◎ ◉ ◉ ⊘ ⊘ ≋ ♣ ⊘ ◉ ◉ ◎ ∇	◉ ∇ ⊗
⊘ ⊛ ◎ ⊛ ♣ ⊛ ⊛ ≋ ⊘ ◎ ◉ ⊕ ∇ ◉ ⊘ ≋ ◉ ◎ ≋ ⊘ ◎ ⊘ ◎ ◎ ⊘ ⊘ ⊕ ⊘ ⊕ ⊘ ◎ ◎ ⊘ ♣ ≋ ≋ ◎ ⊘ ≋ ∇ ⊘ ⊕ ∇ ⊘ ◉ ◉ ◎ ⊛ ♣ ⊛ ≋ ⊘ ⊘ ◉ ∇ ◉ ◉ ◉
⊘ ◎ ♣ ⊛ ≋ ⊛ ♣ ⊘ ◎ ≋ ⊘ ∇ ◉ ⊘ ⊘ ◉ ≋ ⊛ ♣ ♣ ♣ ◎ ≋ ≋ ◉ ◉ ⊘ ∇ ⊘ ◎ ◎ ≋ ◎ ⊛ ≋ ♣ ♣ ◎ ⊛ ⊘ ◎ ◉ ∇ ◉ ∇	∇ ◎ ≋ ♣ ⊛ ≋ ⊛ ♣ ⊘ ◎ ⊘ ◎ ⊘
⊘ ≋ ⊛ ⊛ ⊛ ♣ ⊛ ♣ ⊘ ≋ ◎ ∇ ∇ ⊘ ◎ ⊘ ⊘ ≋ ≋ ⚘ ◎ ≋ ◎ ≋ ≋ ≋ ◎ ∇ ◉ ◎ ∇ ≋ ⊛ ⊘ ♣ ≋ ◎ ⊛ ≋ ⊛ ◎ ♣ ≋ ◎ ◎ ◎ ∇ ≋ ≋ ≋ ♣ ≋ ⚘ ⊛ ⚘ ⊛ ♣ ≋ ◉ ⊘ ◎ ∇
≋ ♣ ≋ ≋ ⚘ ⚘ ⊛ ⊛ ⊛ ◎ ◉ ◎ ⊘ ⊘ ◉ ◎ ≋ ♣ ⊛ ⊛ ⊛ ♣ ♣ ◎ ⊛ ≋ ◉ ◎ ◉	⊘ ♣ ◎ ⚘ ♣ ≋ ⊛ ⊛ ⊛ ≋ ◎ ⊘ ◉ ◎ ◎ ◎ ◎ ⊛ ≋ ⊛ ♣ ⚘ ⊛ ⊛ ⊛ ◎ ◉ ◉ ◉ ◎ ⊘
♣ ♣ ⊛ ♣ ⊛ ♣ ⊛ ⊛ ⊛ ⊛ ♣ ◉ ≋ ⊘ ◉ ◎	♣ ⚘ ≋ ⚘ ♣ ♣ ⚘ ♣ ⊛ ♣ ⊛ ⊘ ≋ ◎ ≋ ≋ ⊘ ◎ ⊛ ⊛ ⚘	♣	⊛ ≋ ⊛ ≋ ◎ ⊘ ◎ ⊘ ⊘ ◎ ⚘ ♣ ⊛ ♣ ⊛ ≋ ⊛ ≋ ⊛ ◎ ⊘ ◉ ⊘
≋ ⊛ ⊛ ⊛ ○ ♣ ⊛ ⚘ ⊛ ≋ ⊛ ⊘ ⊘ ⊛ ⊛ ♣ ≋ ♣ ⊜ ♣ ⚘ ⊛ ⊛ ⚘ ⊛ ◎ ◎ ≋ ⊘ ◉ ≋ ◎ ♣ ⊛ ♣ ○ ⊛ ⊛ ⊛ ⊛ ≋ ◉ ≋ ◎ ⊛ ≋ ≋ ⊛ ≋ ♣ ⊜ ⚘ ♣ ♣ ⊜ ⊛ ♣ ≋ ◎ ⊛ ⊘ ◎ ≋
≋ ⊜ ♣ ⚘ ⊜ ⚘ ⚘ ♣ ≋ ♣ ≋ ⊛ ≋ ≋ ◉ ⊘ ◎ ⊛ ⚘ ♣ ⊜ ⊜ ♣ ♣ ⊛ ♣ ⚘ ≋ ◎ ⊘ ◉ ◎ ⊘ ◎ ◎ ⚘ ⊛ ⚘ ♣ ⊛ ⚘ ⊛ ◎ ◎ ◎ ≋ ⊛ ⊛ ⊘ ⚘ ♣ ⊜ ⚘	♣ ⊛ ⊛ ≋ ⊛ ⊘ ≋ ⊘ ≋ ≋
⊜ ⊛ ○ ⊜ ♣	♣	♣ ⊘ ⊘ ◎ ♣ ≋ ⚘ ♣ ⚘ ⚘ ⊜ ⊛ ♣ ⊛ ≋ ≋ ◎ ⊛ ◎ ≋ ≋ ⊛ ♣ ⚘ ♣ ○ ○ ⊜ ○ ⊛ ⊛ ♣ ◎ ⊘ ≋ ◎ ◎ ⊛ ♣ ⊜	○ ⚘ ⚘ ≋ ⊘ ◎ ⊘ ≋ ♣
los graficos del gato
21/32
